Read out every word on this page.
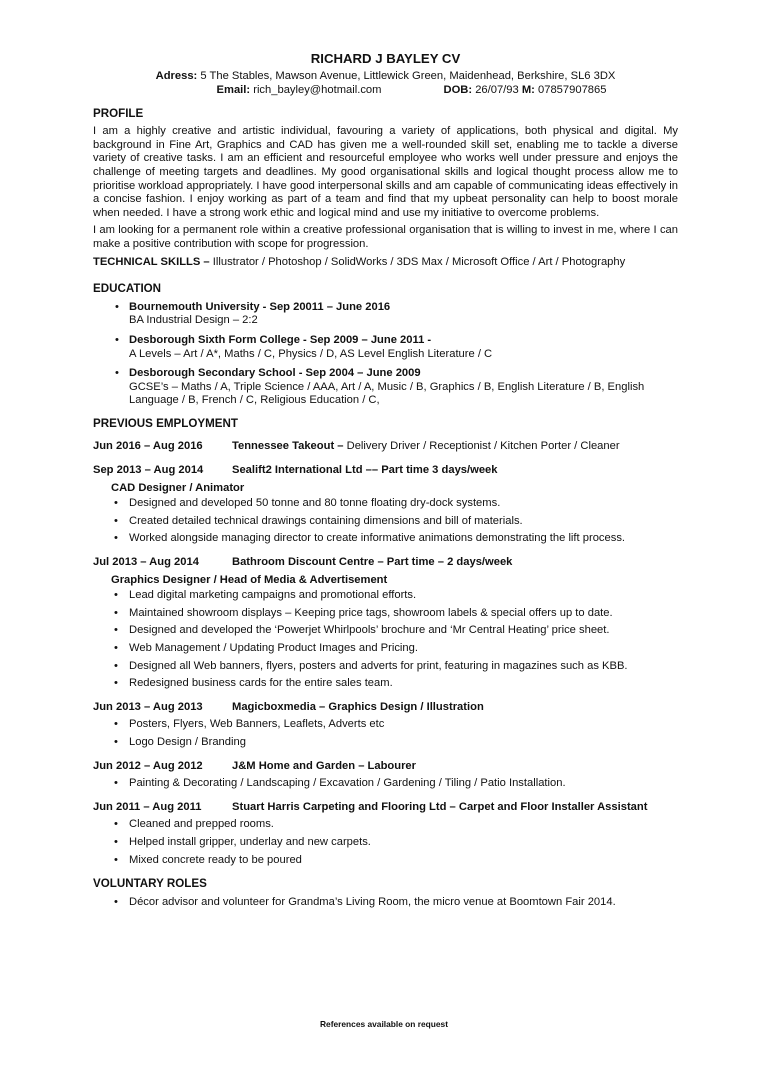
RICHARD J BAYLEY CV
Adress: 5 The Stables, Mawson Avenue, Littlewick Green, Maidenhead, Berkshire, SL6 3DX
Email: rich_bayley@hotmail.com	DOB: 26/07/93 M: 07857907865
PROFILE

I am a highly creative and artistic individual, favouring a variety of applications, both physical and digital. My background in Fine Art, Graphics and CAD has given me a well-rounded skill set, enabling me to tackle a diverse variety of creative tasks. I am an efficient and resourceful employee who works well under pressure and enjoys the challenge of meeting targets and deadlines. My good organisational skills and logical thought process allow me to prioritise workload appropriately. I have good interpersonal skills and am capable of communicating ideas effectively in a concise fashion. I enjoy working as part of a team and find that my upbeat personality can help to boost morale when needed. I have a strong work ethic and logical mind and use my initiative to overcome problems.

I am looking for a permanent role within a creative professional organisation that is willing to invest in me, where I can make a positive contribution with scope for progression.

TECHNICAL SKILLS – Illustrator / Photoshop / SolidWorks / 3DS Max / Microsoft Office / Art / Photography
EDUCATION
• Bournemouth University - Sep 20011 – June 2016
BA Industrial Design – 2:2
• Desborough Sixth Form College - Sep 2009 – June 2011 -
A Levels – Art / A*, Maths / C, Physics / D, AS Level English Literature / C
• Desborough Secondary School - Sep 2004 – June 2009
GCSE’s – Maths / A, Triple Science / AAA, Art / A, Music / B, Graphics / B, English Literature / B, English Language / B, French / C, Religious Education / C,
PREVIOUS EMPLOYMENT
Jun 2016 – Aug 2016	Tennessee Takeout – Delivery Driver / Receptionist / Kitchen Porter / Cleaner
Sep 2013 – Aug 2014	Sealift2 International Ltd –– Part time 3 days/week
CAD Designer / Animator
• Designed and developed 50 tonne and 80 tonne floating dry-dock systems.
• Created detailed technical drawings containing dimensions and bill of materials.
• Worked alongside managing director to create informative animations demonstrating the lift process.
Jul 2013 – Aug 2014	Bathroom Discount Centre – Part time – 2 days/week
Graphics Designer / Head of Media & Advertisement
• Lead digital marketing campaigns and promotional efforts.
• Maintained showroom displays – Keeping price tags, showroom labels & special offers up to date.
• Designed and developed the ‘Powerjet Whirlpools’ brochure and ‘Mr Central Heating’ price sheet.
• Web Management / Updating Product Images and Pricing.
• Designed all Web banners, flyers, posters and adverts for print, featuring in magazines such as KBB.
• Redesigned business cards for the entire sales team.
Jun 2013 – Aug 2013	Magicboxmedia – Graphics Design / Illustration
• Posters, Flyers, Web Banners, Leaflets, Adverts etc
• Logo Design / Branding
Jun 2012 – Aug 2012	J&M Home and Garden – Labourer
• Painting & Decorating / Landscaping / Excavation / Gardening / Tiling / Patio Installation.
Jun 2011 – Aug 2011	Stuart Harris Carpeting and Flooring Ltd – Carpet and Floor Installer Assistant
• Cleaned and prepped rooms.
• Helped install gripper, underlay and new carpets.
• Mixed concrete ready to be poured
VOLUNTARY ROLES
• Décor advisor and volunteer for Grandma’s Living Room, the micro venue at Boomtown Fair 2014.
References available on request
